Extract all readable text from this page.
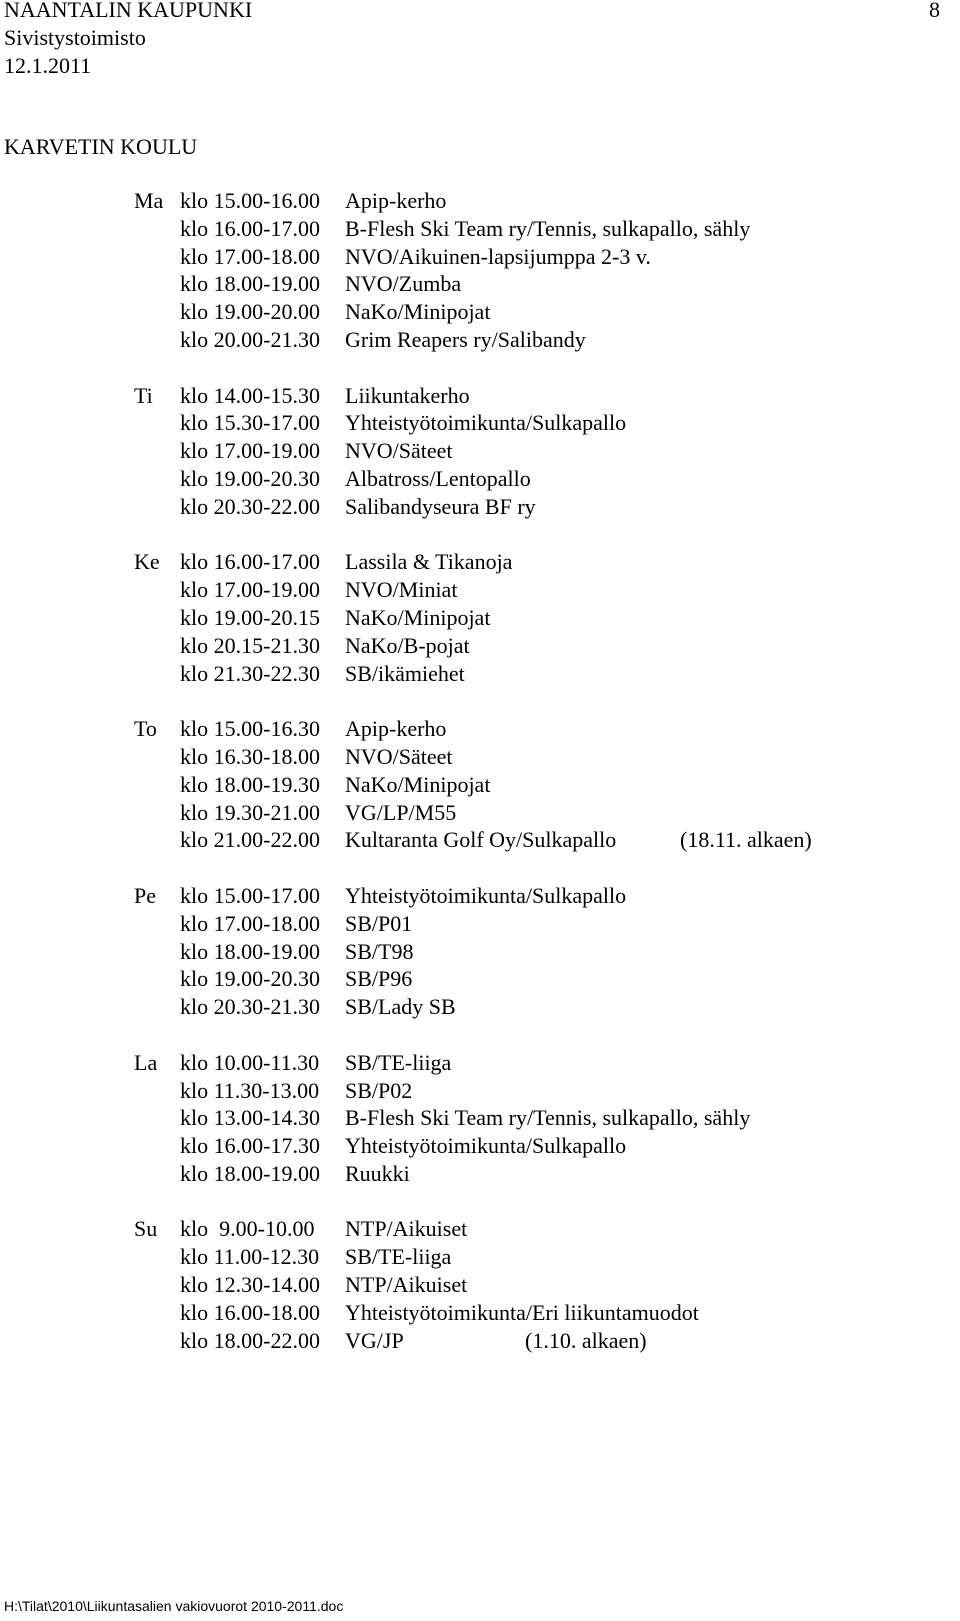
NAANTALIN KAUPUNKI
Sivistystoimisto
12.1.2011
8
KARVETIN KOULU
Ma klo 15.00-16.00 Apip-kerho
klo 16.00-17.00 B-Flesh Ski Team ry/Tennis, sulkapallo, sähly
klo 17.00-18.00 NVO/Aikuinen-lapsijumppa 2-3 v.
klo 18.00-19.00 NVO/Zumba
klo 19.00-20.00 NaKo/Minipojat
klo 20.00-21.30 Grim Reapers ry/Salibandy
Ti klo 14.00-15.30 Liikuntakerho
klo 15.30-17.00 Yhteistyötoimikunta/Sulkapallo
klo 17.00-19.00 NVO/Säteet
klo 19.00-20.30 Albatross/Lentopallo
klo 20.30-22.00 Salibandyseura BF ry
Ke klo 16.00-17.00 Lassila & Tikanoja
klo 17.00-19.00 NVO/Miniat
klo 19.00-20.15 NaKo/Minipojat
klo 20.15-21.30 NaKo/B-pojat
klo 21.30-22.30 SB/ikämiehet
To klo 15.00-16.30 Apip-kerho
klo 16.30-18.00 NVO/Säteet
klo 18.00-19.30 NaKo/Minipojat
klo 19.30-21.00 VG/LP/M55
klo 21.00-22.00 Kultaranta Golf Oy/Sulkapallo	(18.11. alkaen)
Pe klo 15.00-17.00 Yhteistyötoimikunta/Sulkapallo
klo 17.00-18.00 SB/P01
klo 18.00-19.00 SB/T98
klo 19.00-20.30 SB/P96
klo 20.30-21.30 SB/Lady SB
La klo 10.00-11.30 SB/TE-liiga
klo 11.30-13.00 SB/P02
klo 13.00-14.30 B-Flesh Ski Team ry/Tennis, sulkapallo, sähly
klo 16.00-17.30 Yhteistyötoimikunta/Sulkapallo
klo 18.00-19.00 Ruukki
Su klo  9.00-10.00 NTP/Aikuiset
klo 11.00-12.30 SB/TE-liiga
klo 12.30-14.00 NTP/Aikuiset
klo 16.00-18.00 Yhteistyötoimikunta/Eri liikuntamuodot
klo 18.00-22.00 VG/JP	(1.10. alkaen)
H:\Tilat\2010\Liikuntasalien vakiovuorot 2010-2011.doc
